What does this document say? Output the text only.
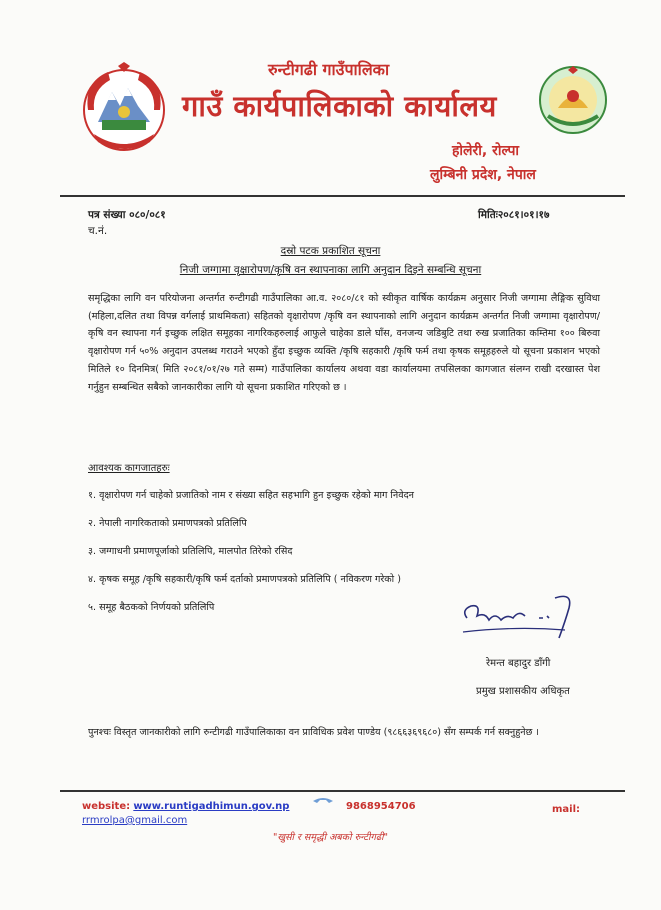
रुन्टीगढी गाउँपालिका
गाउँ कार्यपालिकाको कार्यालय
होलेरी, रोल्पा
लुम्बिनी प्रदेश, नेपाल
पत्र संख्या ०८०/०८१
च.नं.
मितिः२०८१।०१।१७
दस्रो पटक प्रकाशित सूचना
निजी जग्गामा वृक्षारोपण/कृषि वन स्थापनाका लागि अनुदान दिइने सम्बन्धि सूचना
समृद्धिका लागि वन परियोजना अन्तर्गत रुन्टीगढी गाउँपालिका आ.व. २०८०/८१ को स्वीकृत वार्षिक कार्यक्रम अनुसार निजी जग्गामा लैङ्गिक सुविधा (महिला,दलित तथा विपन्न वर्गलाई प्राथमिकता) सहितको वृक्षारोपण /कृषि वन स्थापनाको लागि अनुदान कार्यक्रम अन्तर्गत निजी जग्गामा वृक्षारोपण/कृषि वन स्थापना गर्न इच्छुक लक्षित समूहका नागरिकहरुलाई आफुले चाहेका डाले घाँस, वनजन्य जडिबुटि तथा रुख प्रजातिका कम्तिमा १०० बिरुवा वृक्षारोपण गर्न ५०% अनुदान उपलब्ध गराउने भएको हुँदा इच्छुक व्यक्ति /कृषि सहकारी /कृषि फर्म तथा कृषक समूहहरुले यो सूचना प्रकाशन भएको मितिले १० दिनमित्र( मिति २०८१/०१/२७ गते सम्म) गाउँपालिका कार्यालय अथवा वडा कार्यालयमा तपसिलका कागजात संलग्न राखी दरखास्त पेश गर्नुहुन सम्बन्धित सबैको जानकारीका लागि यो सूचना प्रकाशित गरिएको छ ।
आवश्यक कागजातहरुः
१. वृक्षारोपण गर्न चाहेको प्रजातिको नाम र संख्या सहित सहभागि हुन इच्छुक रहेको माग निवेदन
२. नेपाली नागरिकताको प्रमाणपत्रको प्रतिलिपि
३. जग्गाधनी प्रमाणपूर्जाको प्रतिलिपि, मालपोत तिरेको रसिद
४. कृषक समूह /कृषि सहकारी/कृषि फर्म दर्ताको प्रमाणपत्रको प्रतिलिपि ( नविकरण गरेको )
५. समूह बैठकको निर्णयको प्रतिलिपि
रेमन्त बहादुर डाँगी
प्रमुख प्रशासकीय अधिकृत
पुनश्चः विस्तृत जानकारीको लागि रुन्टीगढी गाउँपालिकाका वन प्राविधिक प्रवेश पाण्डेय (९८६६३६९६८०) सँग सम्पर्क गर्न सक्नुहुनेछ ।
website: www.runtigadhimun.gov.np	9868954706	mail:
rrmrolpa@gmail.com
"खुसी र समृद्धी अबको रुन्टीगढी"
